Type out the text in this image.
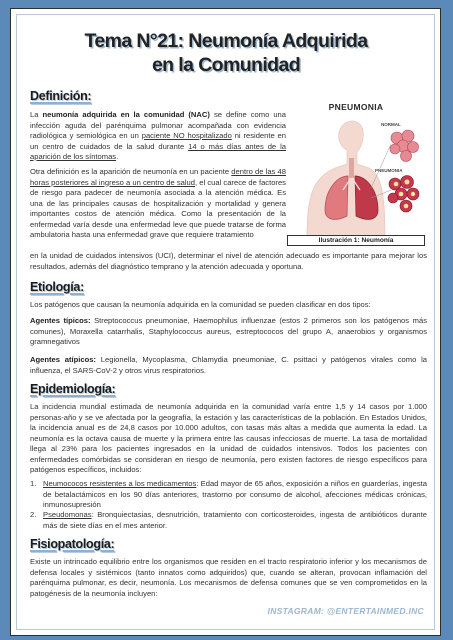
Tema N°21: Neumonía Adquirida en la Comunidad
Definición:
La neumonía adquirida en la comunidad (NAC) se define como una infección aguda del parénquima pulmonar acompañada con evidencia radiológica y semiológica en un paciente NO hospitalizado ni residente en un centro de cuidados de la salud durante 14 o más días antes de la aparición de los síntomas.
Otra definición es la aparición de neumonía en un paciente dentro de las 48 horas posteriores al ingreso a un centro de salud, el cual carece de factores de riesgo para padecer de neumonía asociada a la atención médica. Es una de las principales causas de hospitalización y mortalidad y genera importantes costos de atención médica. Como la presentación de la enfermedad varía desde una enfermedad leve que puede tratarse de forma ambulatoria hasta una enfermedad grave que requiere tratamiento
en la unidad de cuidados intensivos (UCI), determinar el nivel de atención adecuado es importante para mejorar los resultados, además del diagnóstico temprano y la atención adecuada y oportuna.
PNEUMONIA
NORMAL
PNEUMONIA
Ilustración 1: Neumonía
Etiología:
Los patógenos que causan la neumonía adquirida en la comunidad se pueden clasificar en dos tipos:
Agentes típicos: Streptococcus pneumoniae, Haemophilus influenzae (estos 2 primeros son los patógenos más comunes), Moraxella catarrhalis, Staphylococcus aureus, estreptococos del grupo A, anaerobios y organismos gramnegativos
Agentes atípicos: Legionella, Mycoplasma, Chlamydia pneumoniae, C. psittaci y patógenos virales como la influenza, el SARS-CoV-2 y otros virus respiratorios.
Epidemiología:
La incidencia mundial estimada de neumonía adquirida en la comunidad varía entre 1,5 y 14 casos por 1.000 personas-año y se ve afectada por la geografía, la estación y las características de la población. En Estados Unidos, la incidencia anual es de 24,8 casos por 10.000 adultos, con tasas más altas a medida que aumenta la edad. La neumonía es la octava causa de muerte y la primera entre las causas infecciosas de muerte. La tasa de mortalidad llega al 23% para los pacientes ingresados en la unidad de cuidados intensivos. Todos los pacientes con enfermedades comórbidas se consideran en riesgo de neumonía, pero existen factores de riesgo específicos para patógenos específicos, incluidos:
1. Neumococos resistentes a los medicamentos: Edad mayor de 65 años, exposición a niños en guarderías, ingesta de betalactámicos en los 90 días anteriores, trastorno por consumo de alcohol, afecciones médicas crónicas, inmunosupresión
2. Pseudomonas: Bronquiectasias, desnutrición, tratamiento con corticosteroides, ingesta de antibióticos durante más de siete días en el mes anterior.
Fisiopatología:
Existe un intrincado equilibrio entre los organismos que residen en el tracto respiratorio inferior y los mecanismos de defensa locales y sistémicos (tanto innatos como adquiridos) que, cuando se alteran, provocan inflamación del parénquima pulmonar, es decir, neumonía. Los mecanismos de defensa comunes que se ven comprometidos en la patogénesis de la neumonía incluyen:
INSTAGRAM: @ENTERTAINMED.INC
